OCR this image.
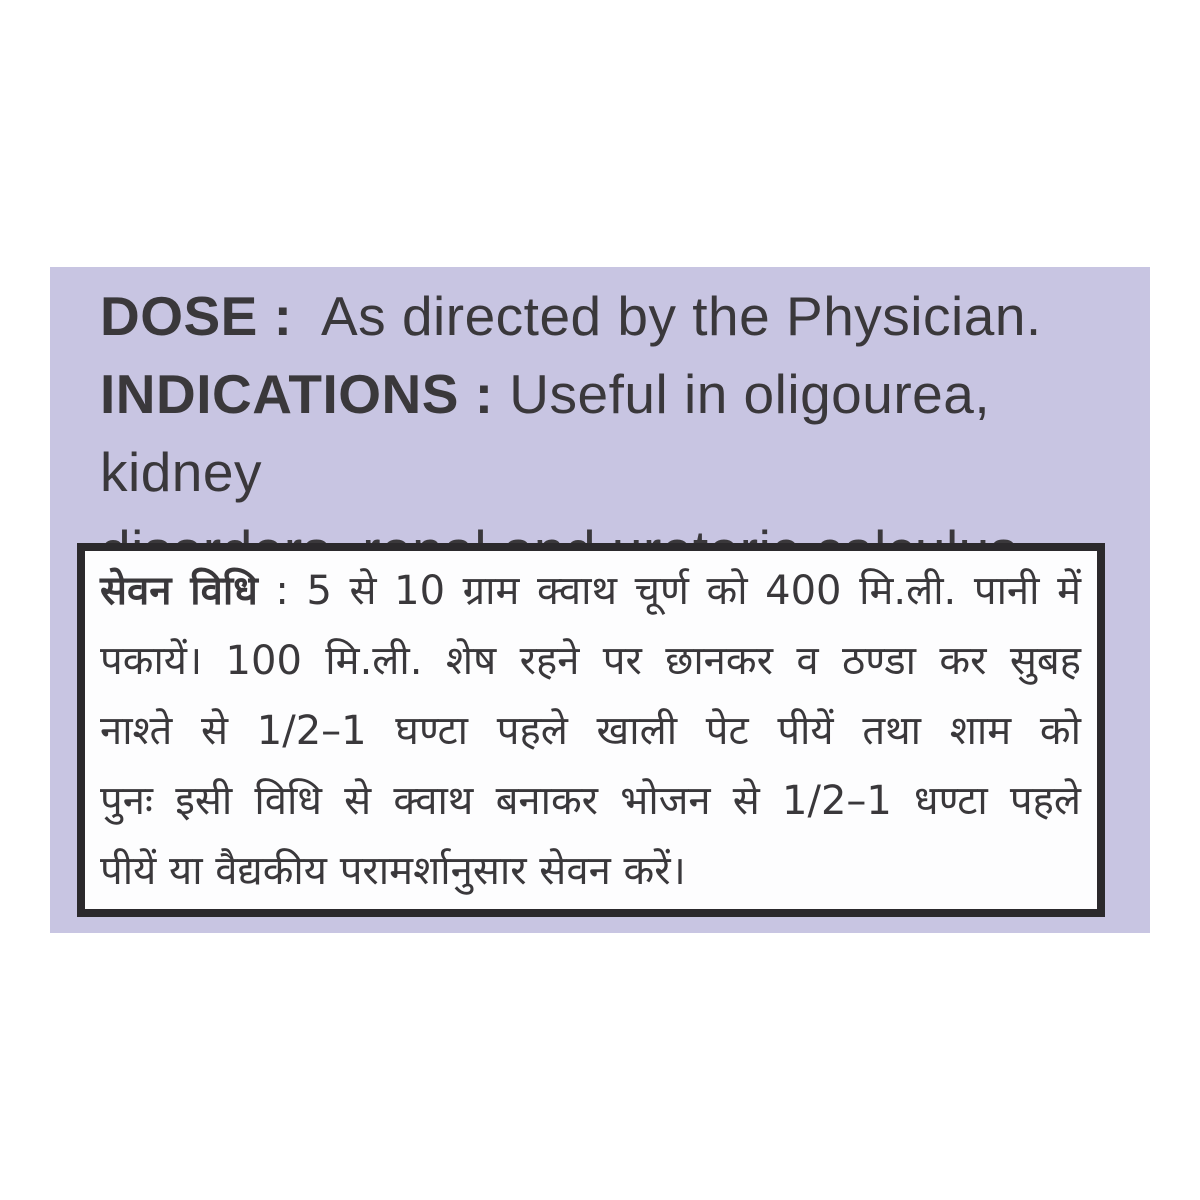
DOSE :  As directed by the Physician.
INDICATIONS : Useful in oligourea, kidney
सेवन विधि : 5 से 10 ग्राम क्वाथ चूर्ण को 400 मि.ली. पानी में
पकायें। 100 मि.ली. शेष रहने पर छानकर व ठण्डा कर सुबह
नाश्ते से 1/2–1 घण्टा पहले खाली पेट पीयें तथा शाम को
पुनः इसी विधि से क्वाथ बनाकर भोजन से 1/2–1 धण्टा पहले
पीयें या वैद्यकीय परामर्शानुसार सेवन करें।
